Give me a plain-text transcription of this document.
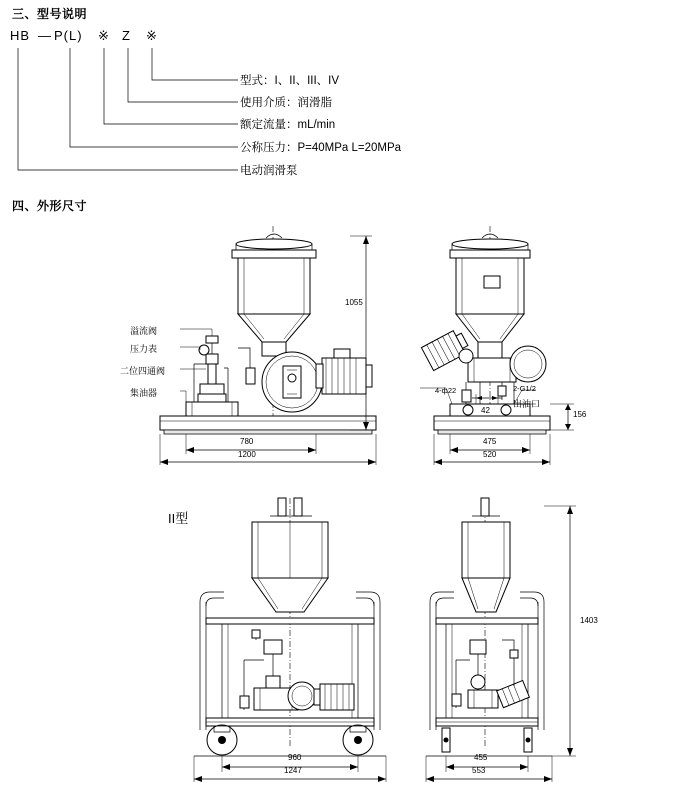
三、型号说明
HB — P(L) ※ Z ※
型式：I、II、III、IV
使用介质：润滑脂
额定流量：mL/min
公称压力：P=40MPa L=20MPa
电动润滑泵
四、外形尺寸
1055
780
1200
溢流阀
压力表
二位四通阀
集油器	4-ф22	2-G1/2
出油口
42	156
475
520
II型
960
1247
1403
455
553
